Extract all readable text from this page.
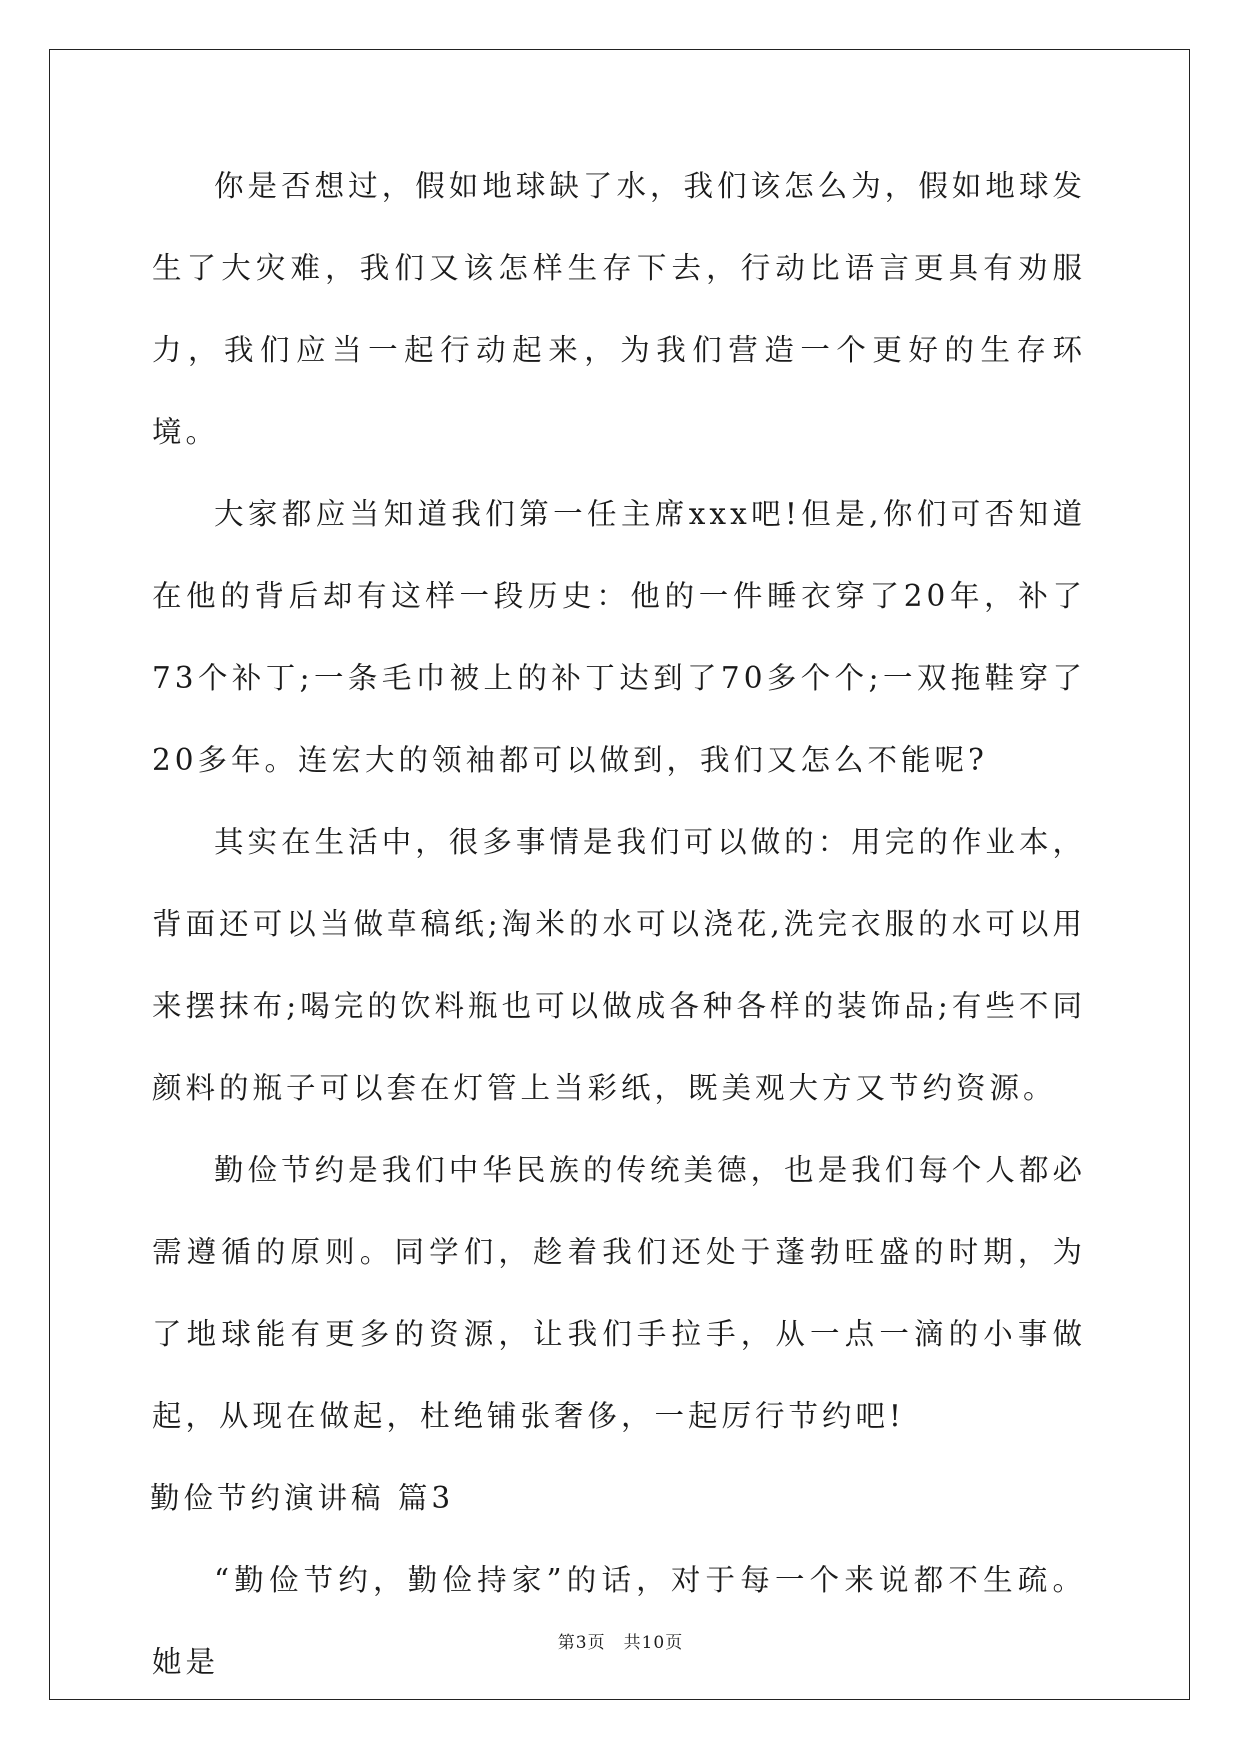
你是否想过，假如地球缺了水，我们该怎么为，假如地球发生了大灾难，我们又该怎样生存下去，行动比语言更具有劝服力，我们应当一起行动起来，为我们营造一个更好的生存环境。

大家都应当知道我们第一任主席xxx吧!但是,你们可否知道在他的背后却有这样一段历史：他的一件睡衣穿了20年，补了73个补丁;一条毛巾被上的补丁达到了70多个个;一双拖鞋穿了20多年。连宏大的领袖都可以做到，我们又怎么不能呢?

其实在生活中，很多事情是我们可以做的：用完的作业本，背面还可以当做草稿纸;淘米的水可以浇花,洗完衣服的水可以用来摆抹布;喝完的饮料瓶也可以做成各种各样的装饰品;有些不同颜料的瓶子可以套在灯管上当彩纸，既美观大方又节约资源。

勤俭节约是我们中华民族的传统美德，也是我们每个人都必需遵循的原则。同学们，趁着我们还处于蓬勃旺盛的时期，为了地球能有更多的资源，让我们手拉手，从一点一滴的小事做起，从现在做起，杜绝铺张奢侈，一起厉行节约吧!

勤俭节约演讲稿 篇3

“勤俭节约，勤俭持家”的话，对于每一个来说都不生疏。她是

第3页　共10页
